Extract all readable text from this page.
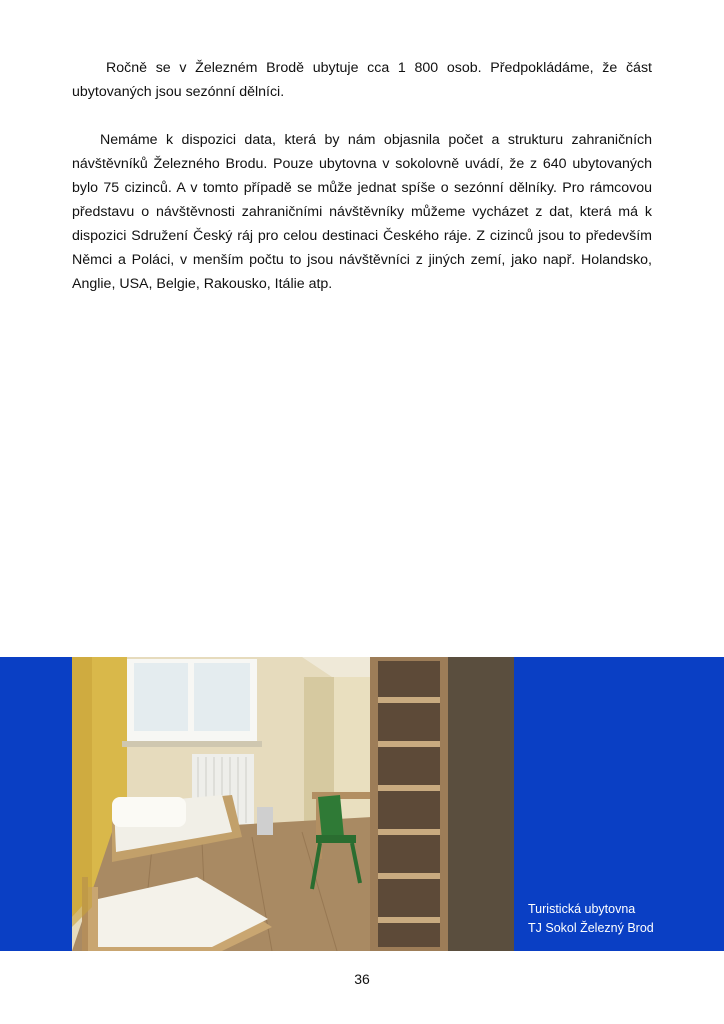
Ročně se v Železném Brodě ubytuje cca 1 800 osob. Předpokládáme, že část ubytovaných jsou sezónní dělníci.

Nemáme k dispozici data, která by nám objasnila počet a strukturu zahraničních návštěvníků Železného Brodu. Pouze ubytovna v sokolovně uvádí, že z 640 ubytovaných bylo 75 cizinců. A v tomto případě se může jednat spíše o sezónní dělníky. Pro rámcovou představu o návštěvnosti zahraničními návštěvníky můžeme vycházet z dat, která má k dispozici Sdružení Český ráj pro celou destinaci Českého ráje. Z cizinců jsou to především Němci a Poláci, v menším počtu to jsou návštěvníci z jiných zemí, jako např. Holandsko, Anglie, USA, Belgie, Rakousko, Itálie atp.

Turistická ubytovna
TJ Sokol Železný Brod
36
